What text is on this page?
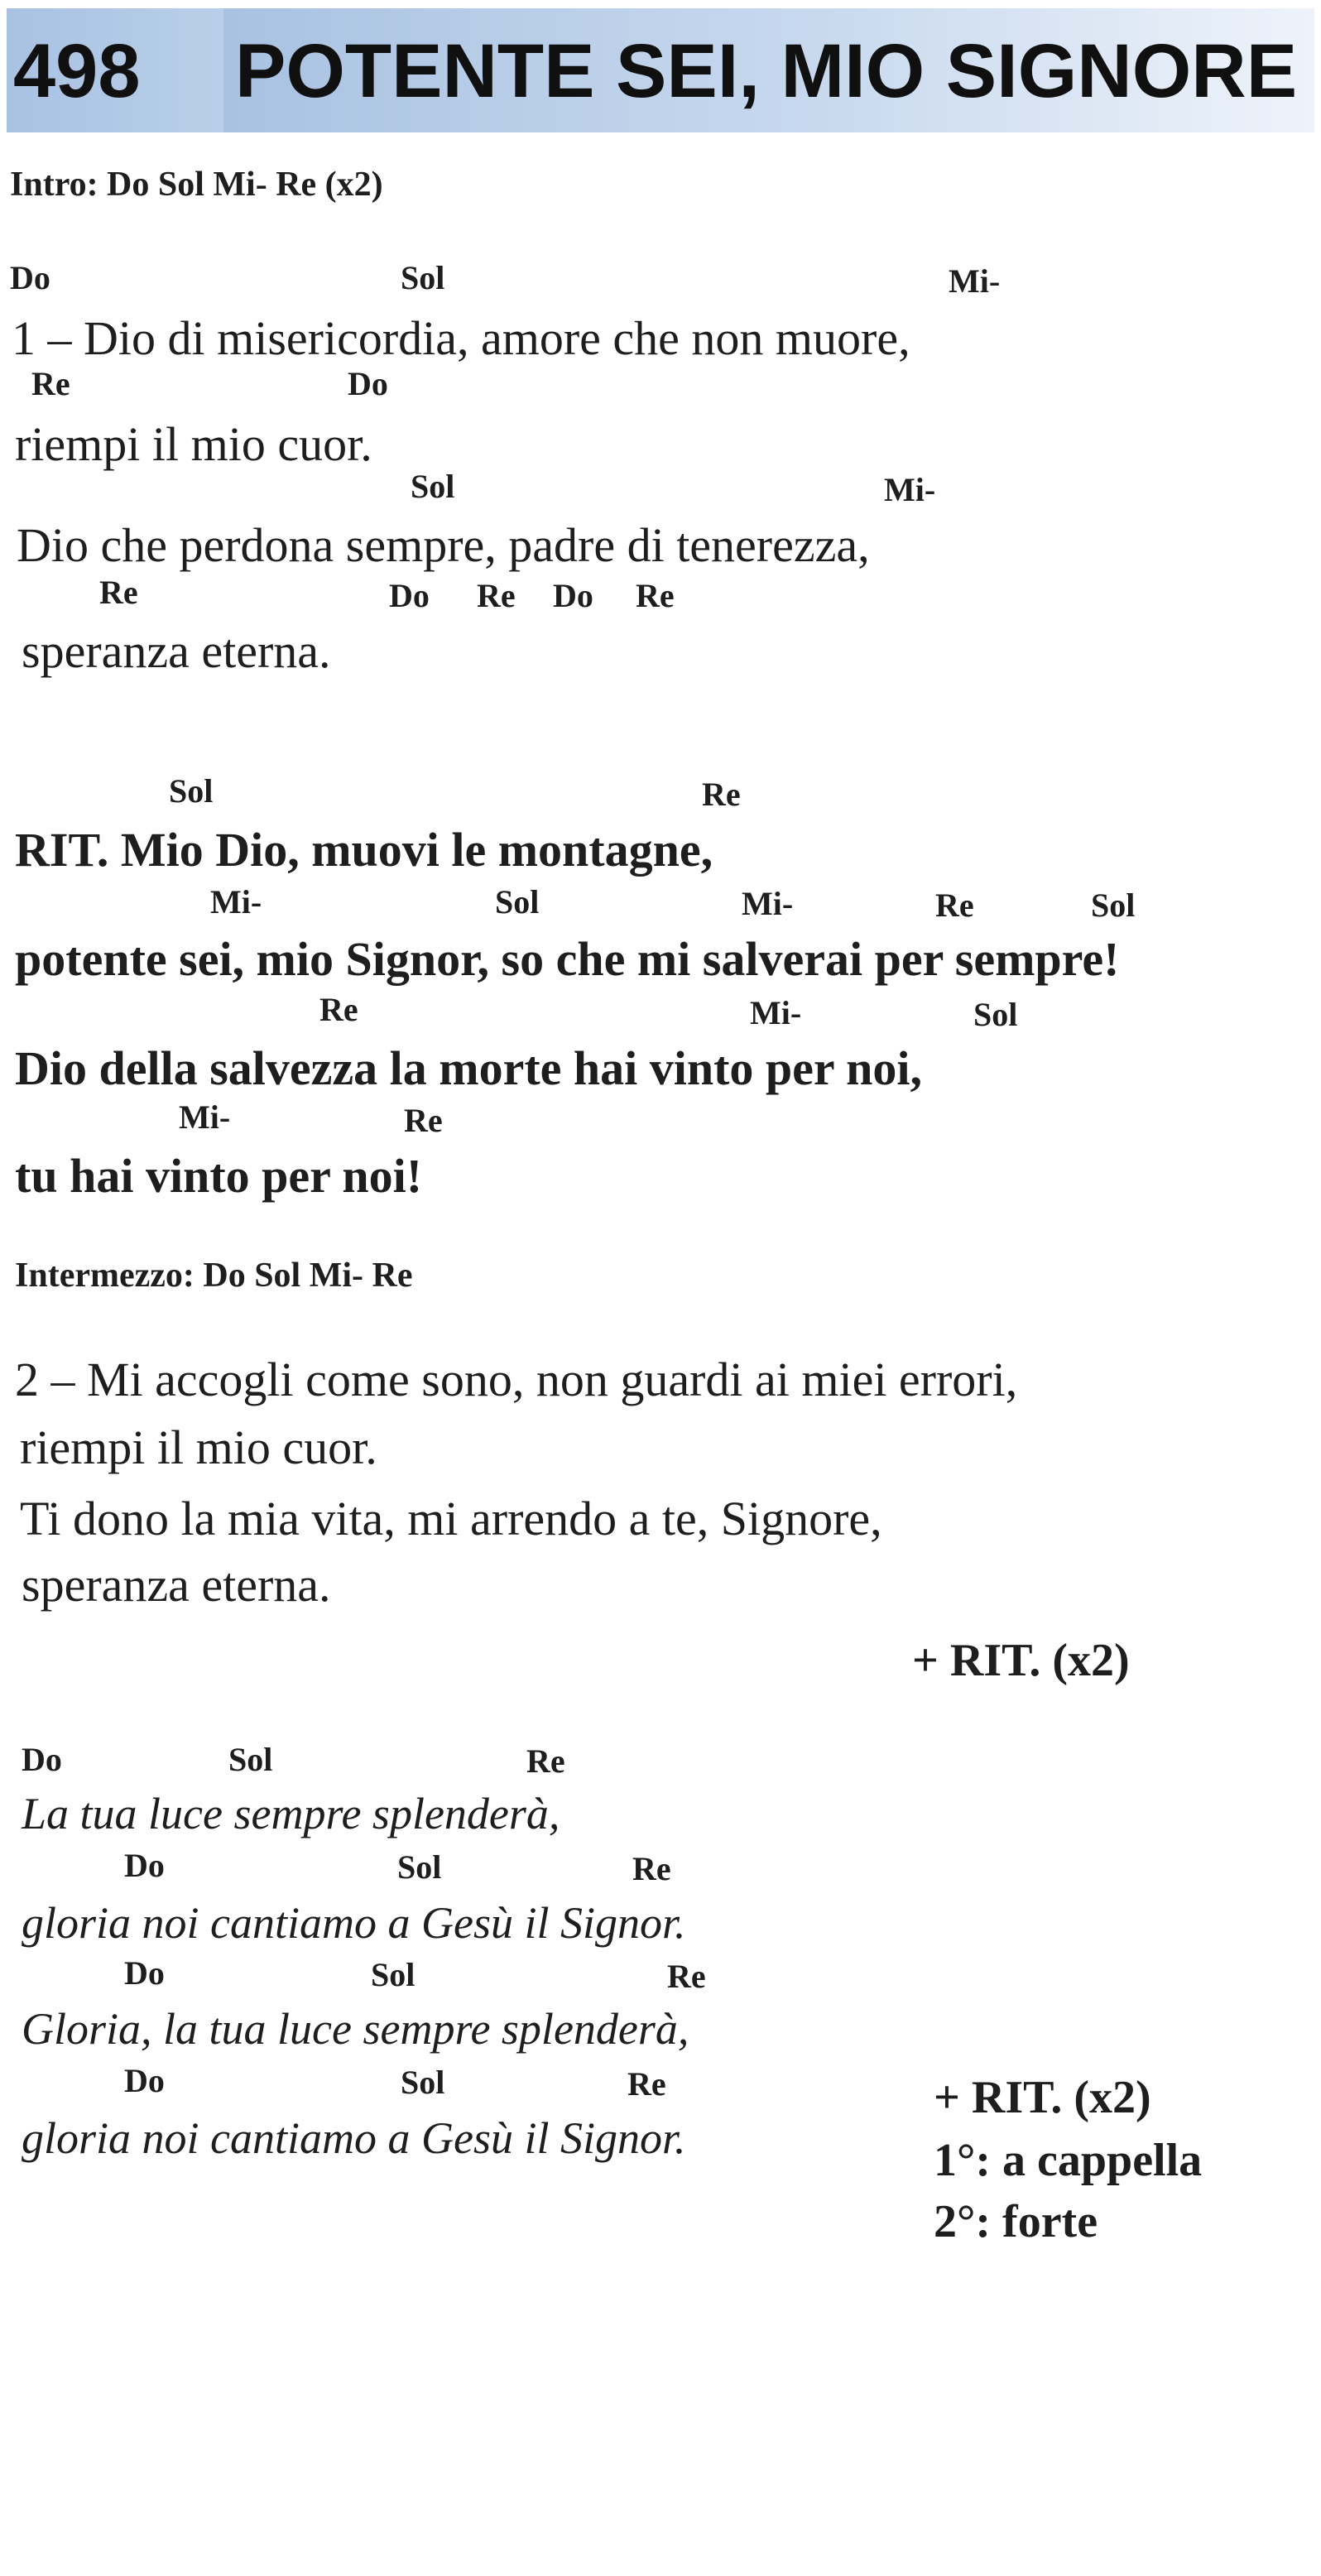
498 POTENTE SEI, MIO SIGNORE
Intro: Do Sol Mi- Re (x2)
Do	Sol	Mi-
1 – Dio di misericordia, amore che non muore,
Re	Do
riempi il mio cuor.
Sol	Mi-
Dio che perdona sempre, padre di tenerezza,
Re	Do Re Do Re
speranza eterna.
Sol	Re
RIT. Mio Dio, muovi le montagne,
Mi-	Sol	Mi-	Re	Sol
potente sei, mio Signor, so che mi salverai per sempre!
Re	Mi-	Sol
Dio della salvezza la morte hai vinto per noi,
Mi-	Re
tu hai vinto per noi!
Intermezzo: Do Sol Mi- Re
2 – Mi accogli come sono, non guardi ai miei errori,
riempi il mio cuor.
Ti dono la mia vita, mi arrendo a te, Signore,
speranza eterna.
+ RIT. (x2)
Do	Sol	Re
La tua luce sempre splenderà,
Do	Sol	Re
gloria noi cantiamo a Gesù il Signor.
Do	Sol	Re
Gloria, la tua luce sempre splenderà,
Do	Sol	Re
gloria noi cantiamo a Gesù il Signor.
+ RIT. (x2)
1°: a cappella
2°: forte
